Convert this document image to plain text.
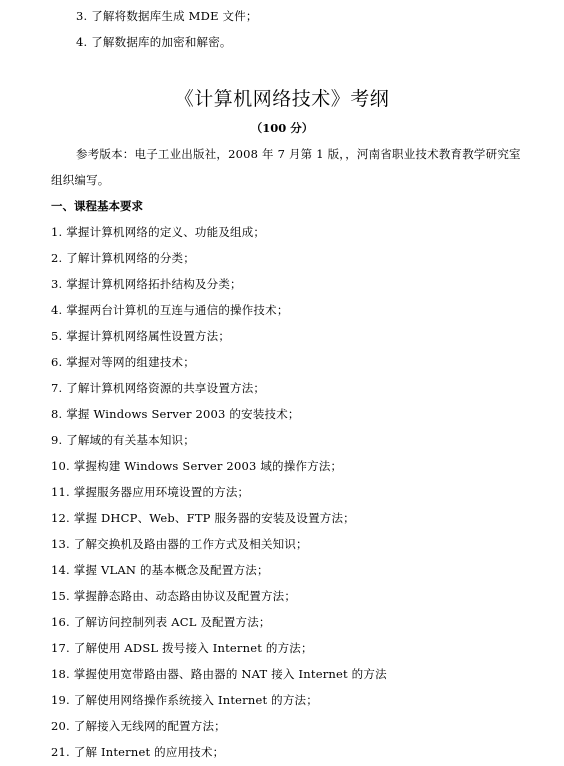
3. 了解将数据库生成 MDE 文件；
4. 了解数据库的加密和解密。
《计算机网络技术》考纲
（100 分）
参考版本：电子工业出版社，2008 年 7 月第 1 版，，河南省职业技术教育教学研究室
组织编写。
一、课程基本要求
1. 掌握计算机网络的定义、功能及组成；
2. 了解计算机网络的分类；
3. 掌握计算机网络拓扑结构及分类；
4. 掌握两台计算机的互连与通信的操作技术；
5. 掌握计算机网络属性设置方法；
6. 掌握对等网的组建技术；
7. 了解计算机网络资源的共享设置方法；
8. 掌握 Windows Server 2003 的安装技术；
9. 了解域的有关基本知识；
10. 掌握构建 Windows Server 2003 域的操作方法；
11. 掌握服务器应用环境设置的方法；
12. 掌握 DHCP、Web、FTP 服务器的安装及设置方法；
13. 了解交换机及路由器的工作方式及相关知识；
14. 掌握 VLAN 的基本概念及配置方法；
15. 掌握静态路由、动态路由协议及配置方法；
16. 了解访问控制列表 ACL 及配置方法；
17. 了解使用 ADSL 拨号接入 Internet 的方法；
18. 掌握使用宽带路由器、路由器的 NAT 接入 Internet 的方法
19. 了解使用网络操作系统接入 Internet 的方法；
20. 了解接入无线网的配置方法；
21. 了解 Internet 的应用技术；
